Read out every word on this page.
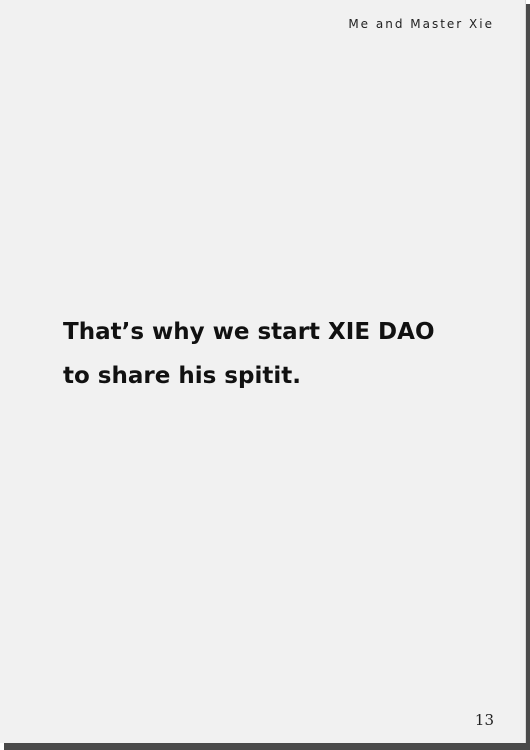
Me and Master Xie
That’s why we start XIE DAO
to share his spitit.
13
